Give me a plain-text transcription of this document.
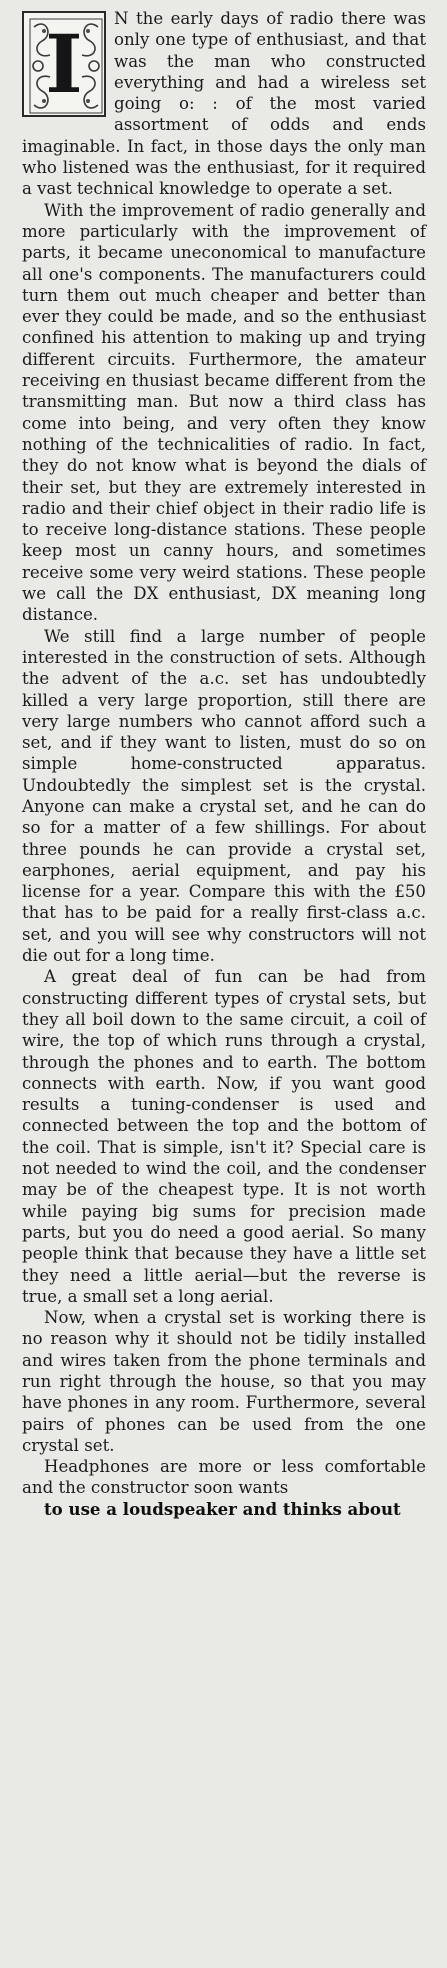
I N the early days of radio there was only one type of enthusiast, and that was the man who constructed everything and had a wireless set going o: : of the most varied assortment of odds and ends imaginable. In fact, in those days the only man who listened was the enthusiast, for it required a vast technical knowledge to operate a set.

With the improvement of radio generally and more particularly with the improvement of parts, it became uneconomical to manufacture all one's components. The manufacturers could turn them out much cheaper and better than ever they could be made, and so the enthusiast confined his attention to making up and trying different circuits. Furthermore, the amateur receiving en thusiast became different from the transmitting man. But now a third class has come into being, and very often they know nothing of the technicalities of radio. In fact, they do not know what is beyond the dials of their set, but they are extremely interested in radio and their chief object in their radio life is to receive long-distance stations. These people keep most un canny hours, and sometimes receive some very weird stations. These people we call the DX enthusiast, DX meaning long distance.

We still find a large number of people interested in the construction of sets. Although the advent of the a.c. set has undoubtedly killed a very large proportion, still there are very large numbers who cannot afford such a set, and if they want to listen, must do so on simple home-constructed apparatus. Undoubtedly the simplest set is the crystal. Anyone can make a crystal set, and he can do so for a matter of a few shillings. For about three pounds he can provide a crystal set, earphones, aerial equipment, and pay his license for a year. Compare this with the £50 that has to be paid for a really first-class a.c. set, and you will see why constructors will not die out for a long time.

A great deal of fun can be had from constructing different types of crystal sets, but they all boil down to the same circuit, a coil of wire, the top of which runs through a crystal, through the phones and to earth. The bottom connects with earth. Now, if you want good results a tuning-condenser is used and connected between the top and the bottom of the coil. That is simple, isn't it? Special care is not needed to wind the coil, and the condenser may be of the cheapest type. It is not worth while paying big sums for precision made parts, but you do need a good aerial. So many people think that because they have a little set they need a little aerial—but the reverse is true, a small set a long aerial.

Now, when a crystal set is working there is no reason why it should not be tidily installed and wires taken from the phone terminals and run right through the house, so that you may have phones in any room. Furthermore, several pairs of phones can be used from the one crystal set.

Headphones are more or less comfortable and the constructor soon wants

to use a loudspeaker and thinks about
